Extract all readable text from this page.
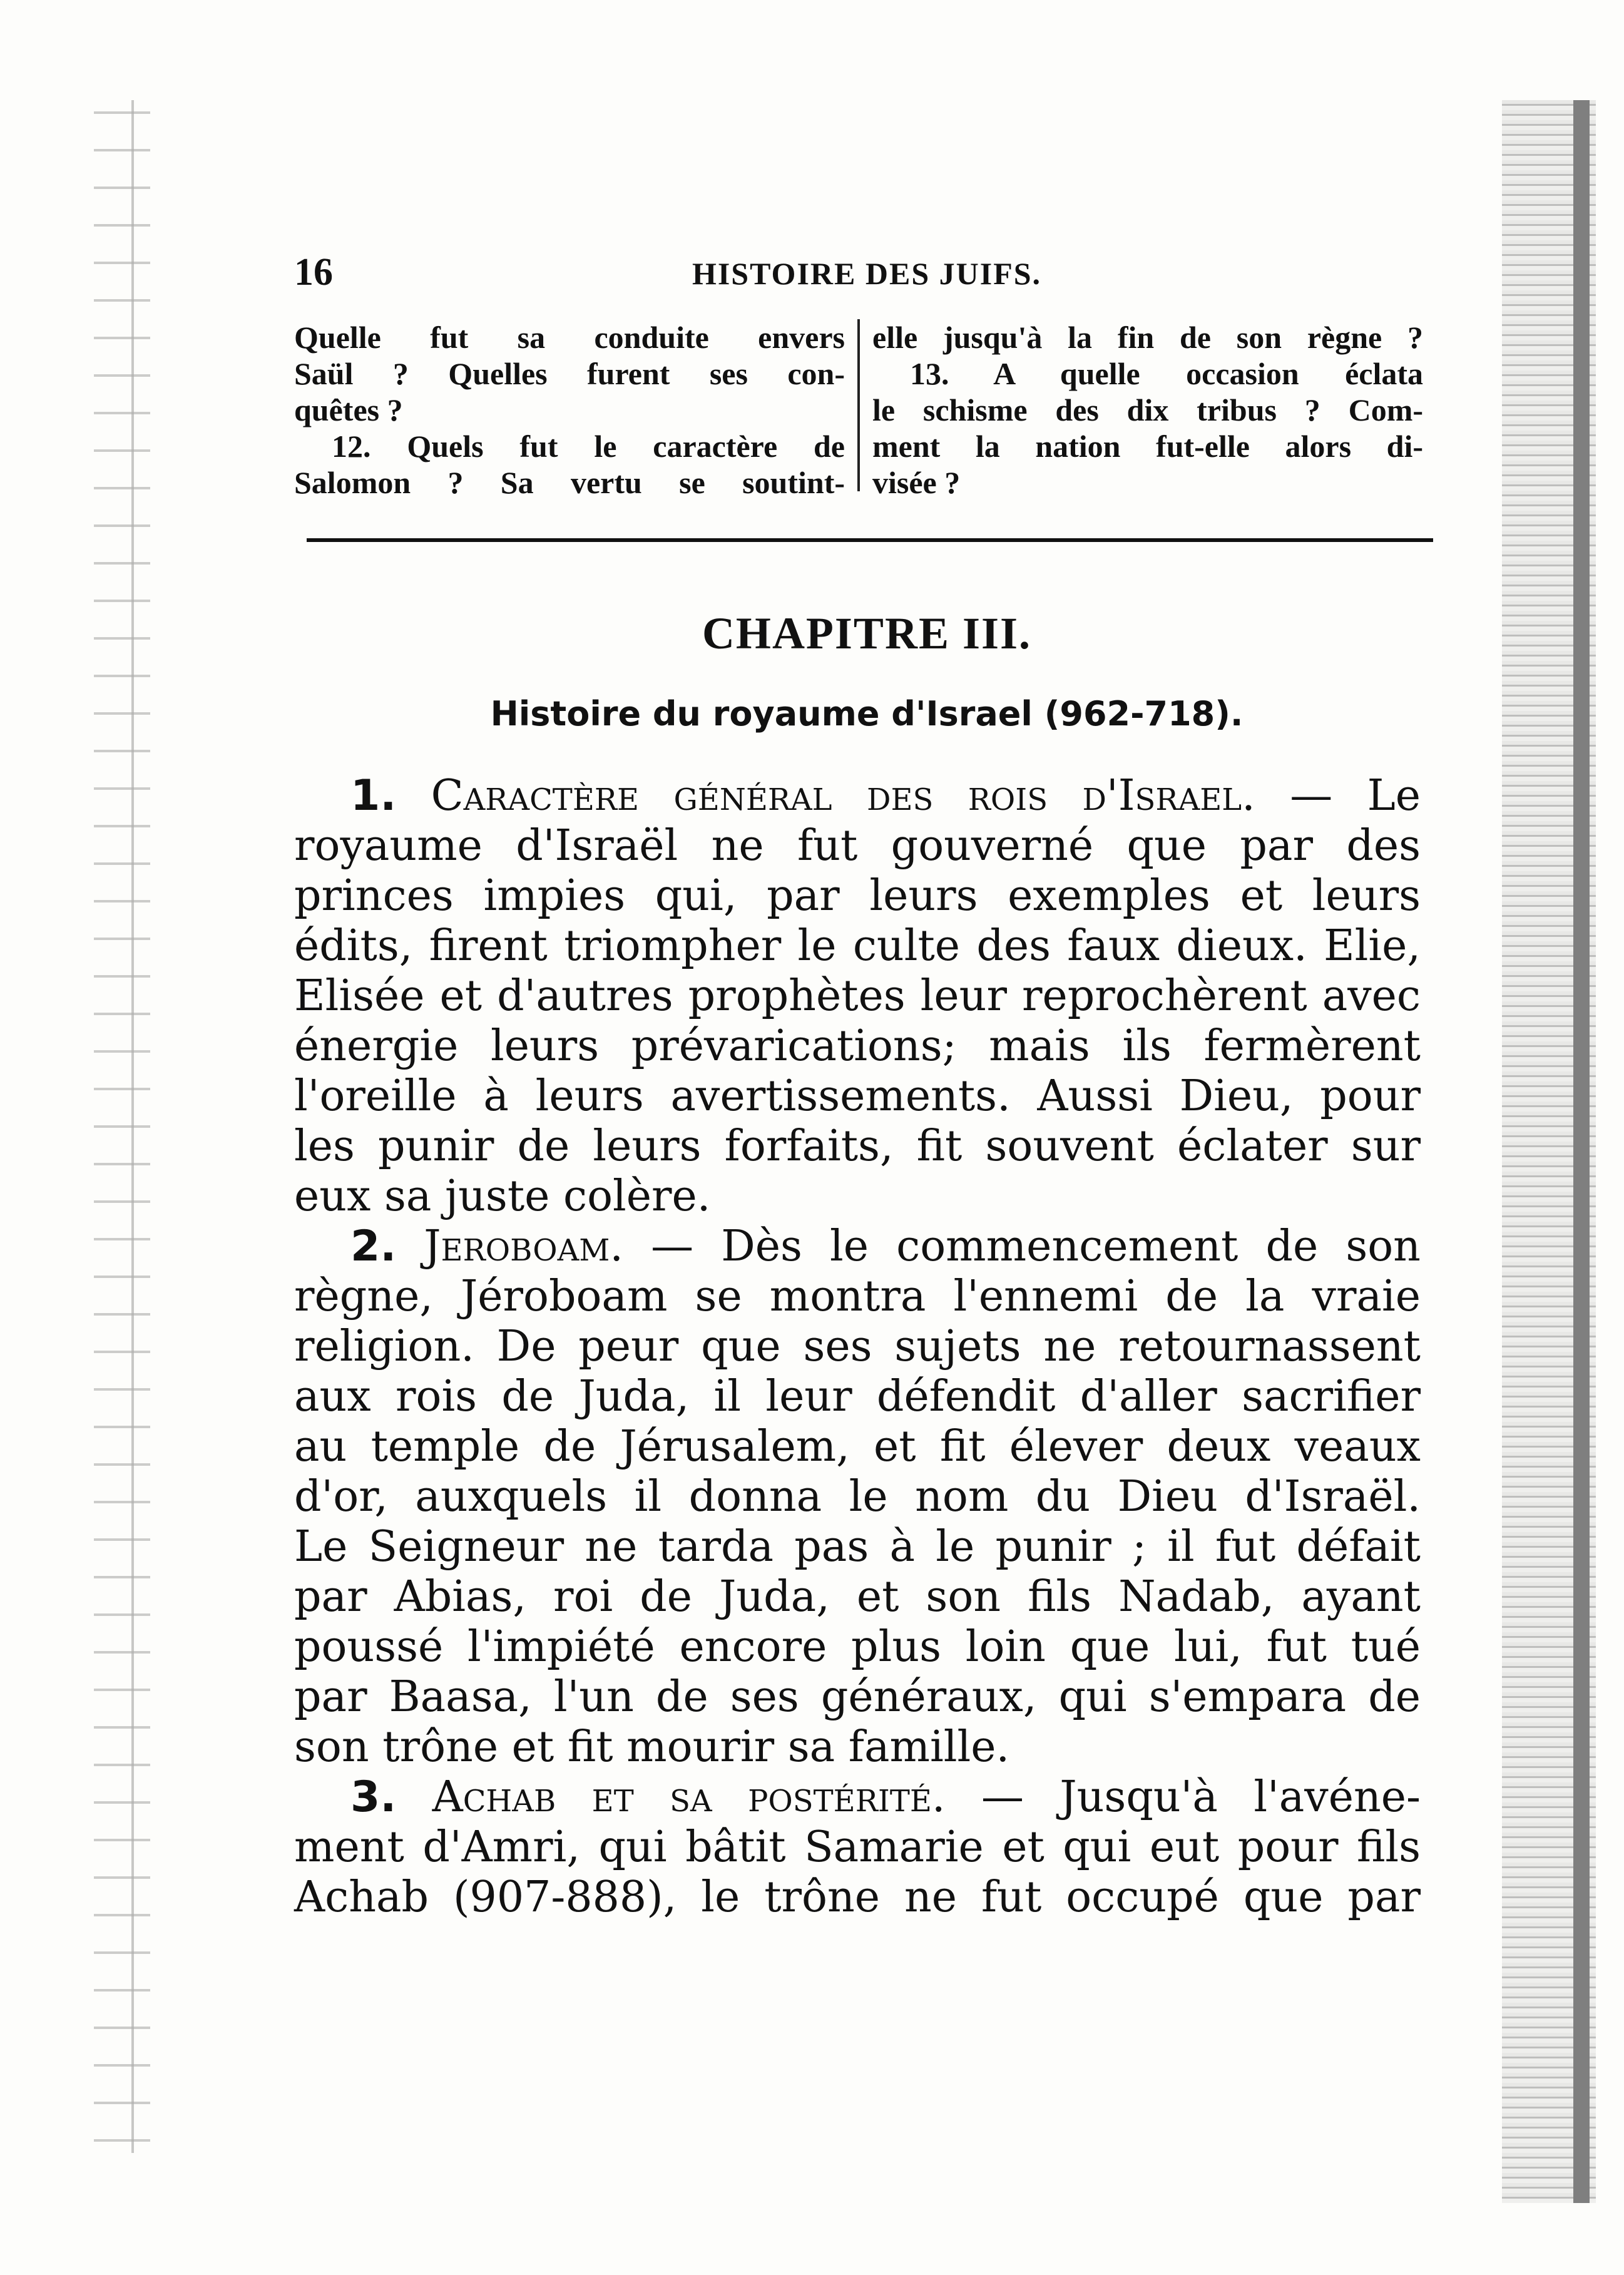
16	HISTOIRE DES JUIFS.
Quelle fut sa conduite envers
Saül ? Quelles furent ses con-
quêtes ?
12. Quels fut le caractère de
Salomon ? Sa vertu se soutint-
elle jusqu'à la fin de son règne ?
13. A quelle occasion éclata
le schisme des dix tribus ? Com-
ment la nation fut-elle alors di-
visée ?
CHAPITRE III.
Histoire du royaume d'Israel (962-718).
1. Caractère général des rois d'Israel. — Le
royaume d'Israël ne fut gouverné que par des
princes impies qui, par leurs exemples et leurs
édits, firent triompher le culte des faux dieux. Elie,
Elisée et d'autres prophètes leur reprochèrent avec
énergie leurs prévarications; mais ils fermèrent
l'oreille à leurs avertissements. Aussi Dieu, pour
les punir de leurs forfaits, fit souvent éclater sur
eux sa juste colère.
2. Jeroboam. — Dès le commencement de son
règne, Jéroboam se montra l'ennemi de la vraie
religion. De peur que ses sujets ne retournassent
aux rois de Juda, il leur défendit d'aller sacrifier
au temple de Jérusalem, et fit élever deux veaux
d'or, auxquels il donna le nom du Dieu d'Israël.
Le Seigneur ne tarda pas à le punir ; il fut défait
par Abias, roi de Juda, et son fils Nadab, ayant
poussé l'impiété encore plus loin que lui, fut tué
par Baasa, l'un de ses généraux, qui s'empara de
son trône et fit mourir sa famille.
3. Achab et sa postérité. — Jusqu'à l'avéne-
ment d'Amri, qui bâtit Samarie et qui eut pour fils
Achab (907-888), le trône ne fut occupé que par
